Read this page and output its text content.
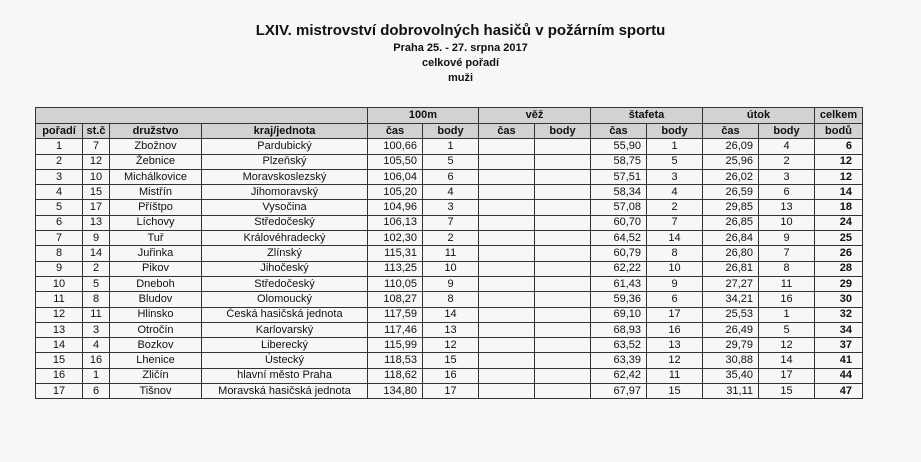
LXIV. mistrovství dobrovolných hasičů v požárním sportu
Praha 25. - 27. srpna 2017
celkové pořadí
muži
				100m		věž		štafeta		útok		celkem
pořadí	st.č	družstvo	kraj/jednota	čas	body	čas	body	čas	body	čas	body	bodů
1	7	Zbožnov	Pardubický	100,66	1			55,90	1	26,09	4	6
2	12	Žebnice	Plzeňský	105,50	5			58,75	5	25,96	2	12
3	10	Michálkovice	Moravskoslezský	106,04	6			57,51	3	26,02	3	12
4	15	Mistřín	Jihomoravský	105,20	4			58,34	4	26,59	6	14
5	17	Příštpo	Vysočina	104,96	3			57,08	2	29,85	13	18
6	13	Líchovy	Středočeský	106,13	7			60,70	7	26,85	10	24
7	9	Tuř	Královéhradecký	102,30	2			64,52	14	26,84	9	25
8	14	Juřinka	Zlínský	115,31	11			60,79	8	26,80	7	26
9	2	Pikov	Jihočeský	113,25	10			62,22	10	26,81	8	28
10	5	Dneboh	Středočeský	110,05	9			61,43	9	27,27	11	29
11	8	Bludov	Olomoucký	108,27	8			59,36	6	34,21	16	30
12	11	Hlinsko	Česká hasičská jednota	117,59	14			69,10	17	25,53	1	32
13	3	Otročín	Karlovarský	117,46	13			68,93	16	26,49	5	34
14	4	Bozkov	Liberecký	115,99	12			63,52	13	29,79	12	37
15	16	Lhenice	Ústecký	118,53	15			63,39	12	30,88	14	41
16	1	Zličín	hlavní město Praha	118,62	16			62,42	11	35,40	17	44
17	6	Tišnov	Moravská hasičská jednota	134,80	17			67,97	15	31,11	15	47
